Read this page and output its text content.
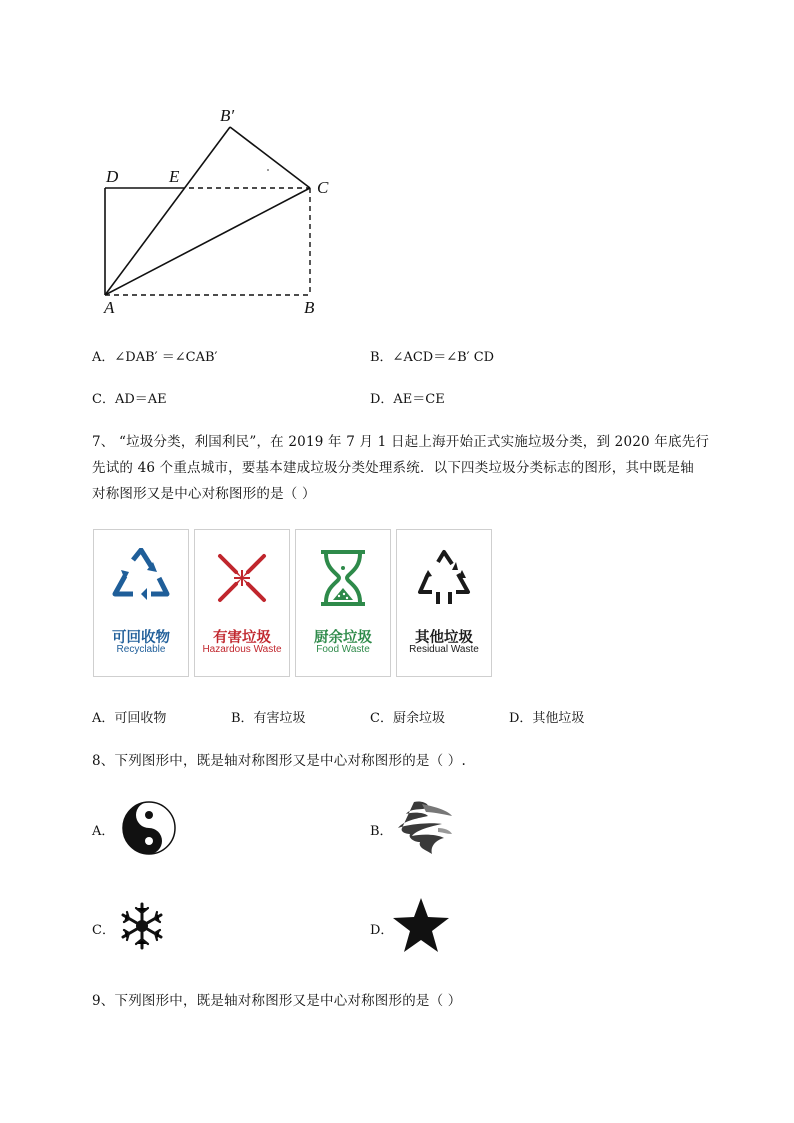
B′
D	E
C
A	B
A．∠DAB′ ＝∠CAB′	B．∠ACD＝∠B′ CD
C．AD＝AE	D．AE＝CE
7、 “垃圾分类，利国利民”，在 2019 年 7 月 1 日起上海开始正式实施垃圾分类，到 2020 年底先行
先试的 46 个重点城市，要基本建成垃圾分类处理系统．以下四类垃圾分类标志的图形，其中既是轴
对称图形又是中心对称图形的是（ ）
可回收物
Recyclable
有害垃圾
Hazardous Waste
厨余垃圾
Food Waste
其他垃圾
Residual Waste
A．可回收物	B．有害垃圾	C．厨余垃圾	D．其他垃圾
8、下列图形中，既是轴对称图形又是中心对称图形的是（ ）.
A．	B．
C．	D．
9、下列图形中，既是轴对称图形又是中心对称图形的是（ ）
